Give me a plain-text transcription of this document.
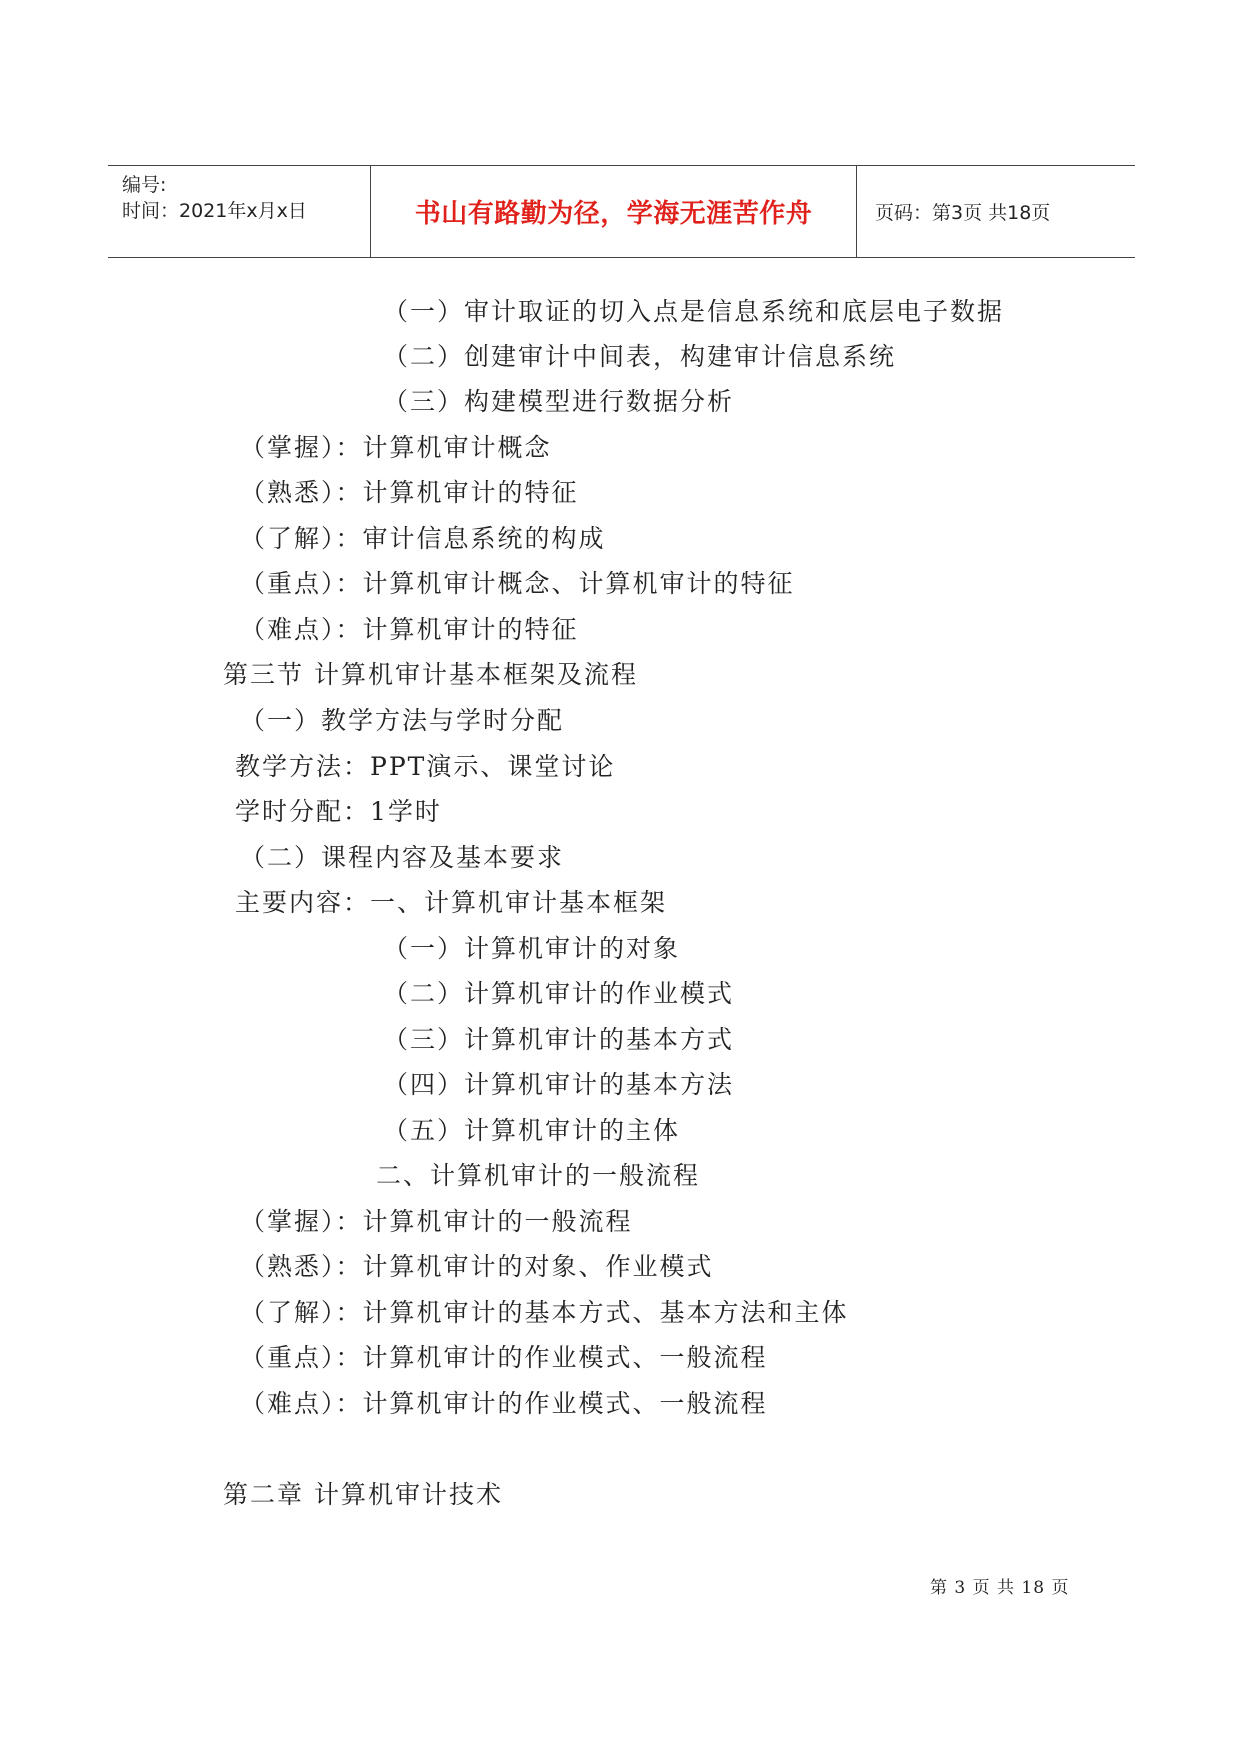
编号:
时间：2021年x月x日	书山有路勤为径，学海无涯苦作舟	页码：第3页 共18页
（一）审计取证的切入点是信息系统和底层电子数据
（二）创建审计中间表，构建审计信息系统
（三）构建模型进行数据分析
（掌握）：计算机审计概念
（熟悉）：计算机审计的特征
（了解）：审计信息系统的构成
（重点）：计算机审计概念、计算机审计的特征
（难点）：计算机审计的特征
第三节 计算机审计基本框架及流程
（一）教学方法与学时分配
教学方法：PPT演示、课堂讨论
学时分配：1学时
（二）课程内容及基本要求
主要内容：一、计算机审计基本框架
（一）计算机审计的对象
（二）计算机审计的作业模式
（三）计算机审计的基本方式
（四）计算机审计的基本方法
（五）计算机审计的主体
二、计算机审计的一般流程
（掌握）：计算机审计的一般流程
（熟悉）：计算机审计的对象、作业模式
（了解）：计算机审计的基本方式、基本方法和主体
（重点）：计算机审计的作业模式、一般流程
（难点）：计算机审计的作业模式、一般流程
第二章 计算机审计技术
第 3 页 共 18 页
